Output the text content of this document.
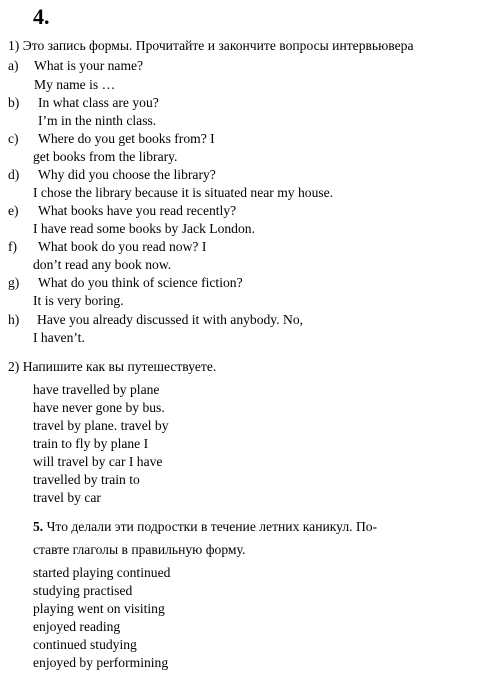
4.
1) Это запись формы. Прочитайте и закончите вопросы интервьювера
a) What is your name?
My name is …
b) In what class are you?
I’m in the ninth class.
c) Where do you get books from? I
get books from the library.
d) Why did you choose the library?
I chose the library because it is situated near my house.
e) What books have you read recently?
I have read some books by Jack London.
f) What book do you read now? I
don’t read any book now.
g) What do you think of science fiction?
It is very boring.
h) Have you already discussed it with anybody. No,
I haven’t.
2) Напишите как вы путешествуете.
have travelled by plane
have never gone by bus.
travel by plane. travel by
train to fly by plane I
will travel by car I have
travelled by train to
travel by car
5. Что делали эти подростки в течение летних каникул. По-
ставте глаголы в правильную форму.
started playing continued
studying practised
playing went on visiting
enjoyed reading
continued studying
enjoyed by performining
